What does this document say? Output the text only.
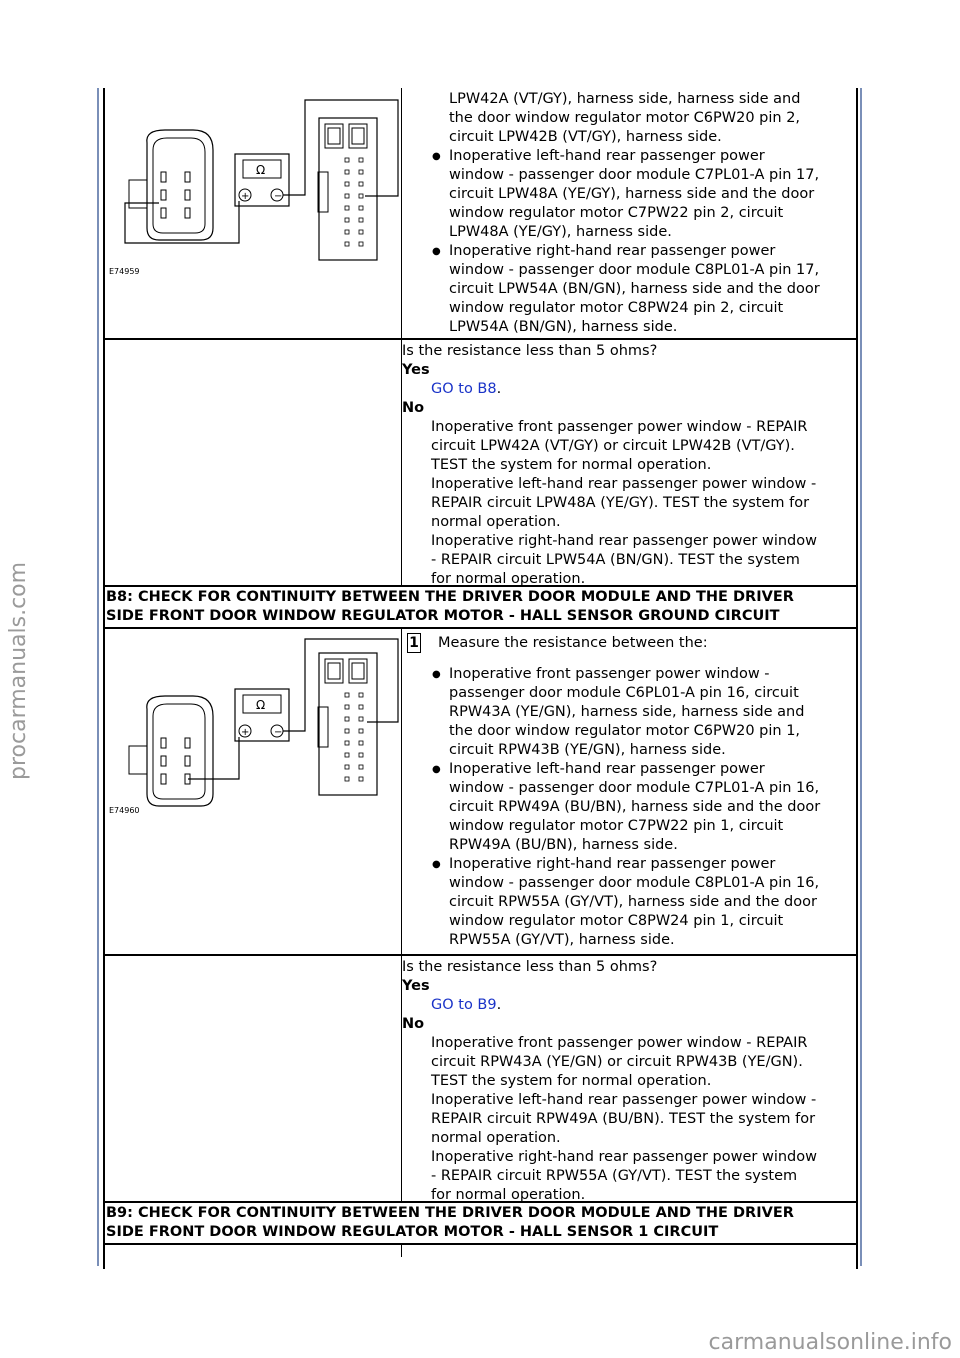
procarmanuals.com
carmanualsonline.info
Ω
+ −
E74959
LPW42A (VT/GY), harness side, harness side and
the door window regulator motor C6PW20 pin 2,
circuit LPW42B (VT/GY), harness side.
● Inoperative left-hand rear passenger power
window - passenger door module C7PL01-A pin 17,
circuit LPW48A (YE/GY), harness side and the door
window regulator motor C7PW22 pin 2, circuit
LPW48A (YE/GY), harness side.
● Inoperative right-hand rear passenger power
window - passenger door module C8PL01-A pin 17,
circuit LPW54A (BN/GN), harness side and the door
window regulator motor C8PW24 pin 2, circuit
LPW54A (BN/GN), harness side.
Is the resistance less than 5 ohms?
Yes
GO to B8.
No
Inoperative front passenger power window - REPAIR
circuit LPW42A (VT/GY) or circuit LPW42B (VT/GY).
TEST the system for normal operation.
Inoperative left-hand rear passenger power window -
REPAIR circuit LPW48A (YE/GY). TEST the system for
normal operation.
Inoperative right-hand rear passenger power window
- REPAIR circuit LPW54A (BN/GN). TEST the system
for normal operation.
B8: CHECK FOR CONTINUITY BETWEEN THE DRIVER DOOR MODULE AND THE DRIVER
SIDE FRONT DOOR WINDOW REGULATOR MOTOR - HALL SENSOR GROUND CIRCUIT
Ω
+ −
E74960
1 Measure the resistance between the:
● Inoperative front passenger power window -
passenger door module C6PL01-A pin 16, circuit
RPW43A (YE/GN), harness side, harness side and
the door window regulator motor C6PW20 pin 1,
circuit RPW43B (YE/GN), harness side.
● Inoperative left-hand rear passenger power
window - passenger door module C7PL01-A pin 16,
circuit RPW49A (BU/BN), harness side and the door
window regulator motor C7PW22 pin 1, circuit
RPW49A (BU/BN), harness side.
● Inoperative right-hand rear passenger power
window - passenger door module C8PL01-A pin 16,
circuit RPW55A (GY/VT), harness side and the door
window regulator motor C8PW24 pin 1, circuit
RPW55A (GY/VT), harness side.
Is the resistance less than 5 ohms?
Yes
GO to B9.
No
Inoperative front passenger power window - REPAIR
circuit RPW43A (YE/GN) or circuit RPW43B (YE/GN).
TEST the system for normal operation.
Inoperative left-hand rear passenger power window -
REPAIR circuit RPW49A (BU/BN). TEST the system for
normal operation.
Inoperative right-hand rear passenger power window
- REPAIR circuit RPW55A (GY/VT). TEST the system
for normal operation.
B9: CHECK FOR CONTINUITY BETWEEN THE DRIVER DOOR MODULE AND THE DRIVER
SIDE FRONT DOOR WINDOW REGULATOR MOTOR - HALL SENSOR 1 CIRCUIT
